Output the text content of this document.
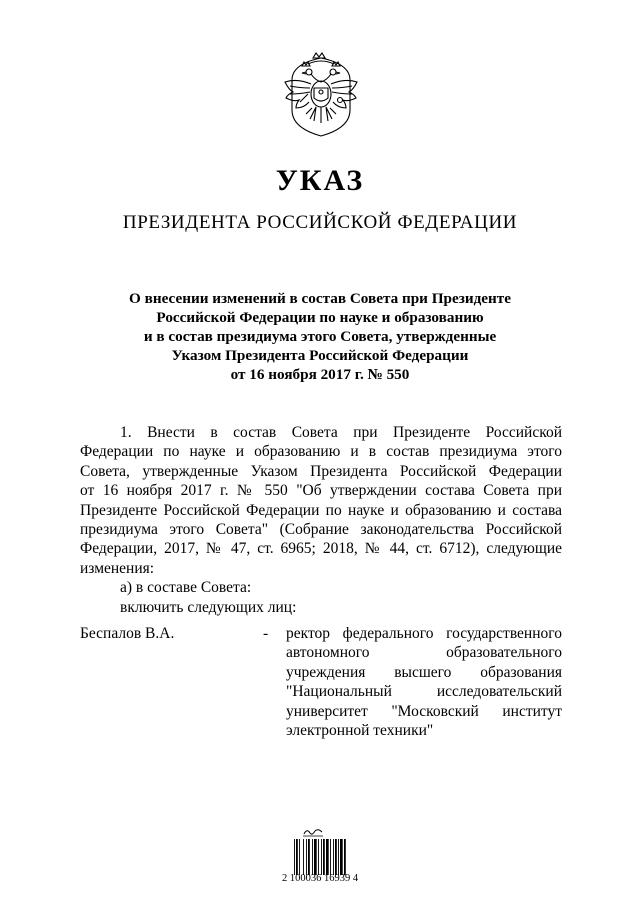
УКАЗ
ПРЕЗИДЕНТА РОССИЙСКОЙ ФЕДЕРАЦИИ
О внесении изменений в состав Совета при Президенте
Российской Федерации по науке и образованию
и в состав президиума этого Совета, утвержденные
Указом Президента Российской Федерации
от 16 ноября 2017 г. № 550
1. Внести в состав Совета при Президенте Российской
Федерации по науке и образованию и в состав президиума этого
Совета, утвержденные Указом Президента Российской Федерации
от 16 ноября 2017 г. № 550 "Об утверждении состава Совета при
Президенте Российской Федерации по науке и образованию и состава
президиума этого Совета" (Собрание законодательства Российской
Федерации, 2017, № 47, ст. 6965; 2018, № 44, ст. 6712), следующие
изменения:
а) в составе Совета:
включить следующих лиц:
Беспалов В.А.	- ректор федерального государственного
автономного образовательного
учреждения высшего образования
"Национальный исследовательский
университет "Московский институт
электронной техники"
2 100036 16939 4
